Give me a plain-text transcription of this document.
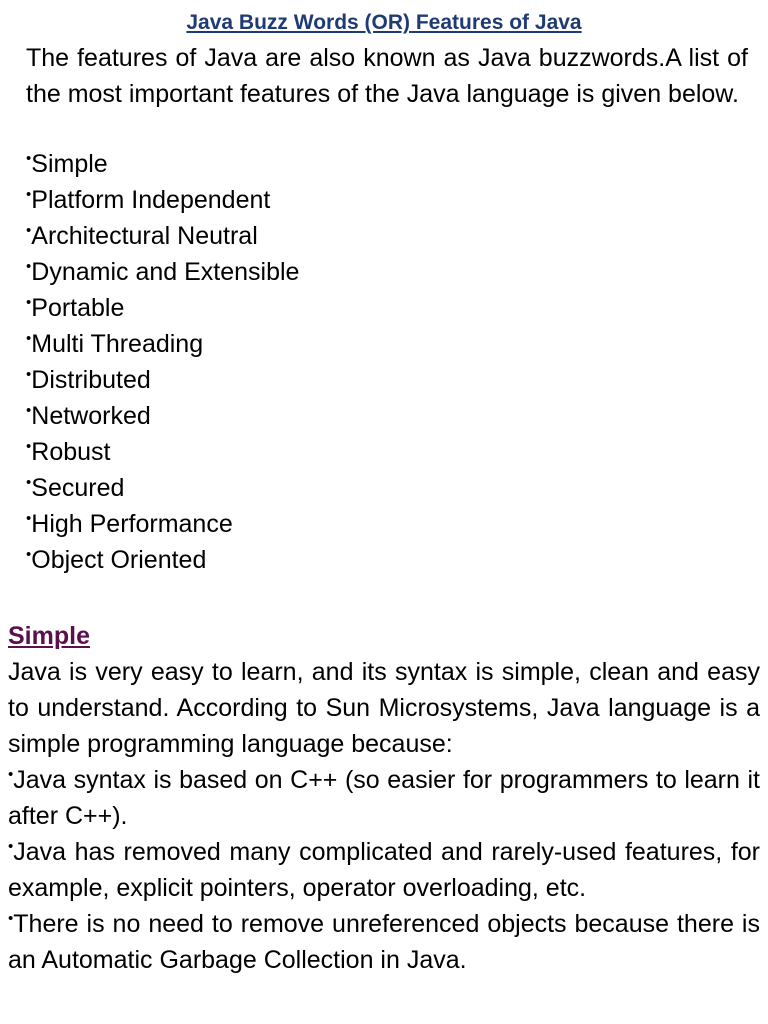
Java Buzz Words (OR) Features of Java
The features of Java are also known as Java buzzwords.A list of the most important features of the Java language is given below.
•Simple
•Platform Independent
•Architectural Neutral
•Dynamic and Extensible
•Portable
•Multi Threading
•Distributed
•Networked
•Robust
•Secured
•High Performance
•Object Oriented
Simple

Java is very easy to learn, and its syntax is simple, clean and easy to understand. According to Sun Microsystems, Java language is a simple programming language because:

•Java syntax is based on C++ (so easier for programmers to learn it after C++).

•Java has removed many complicated and rarely-used features, for example, explicit pointers, operator overloading, etc.

•There is no need to remove unreferenced objects because there is an Automatic Garbage Collection in Java.
